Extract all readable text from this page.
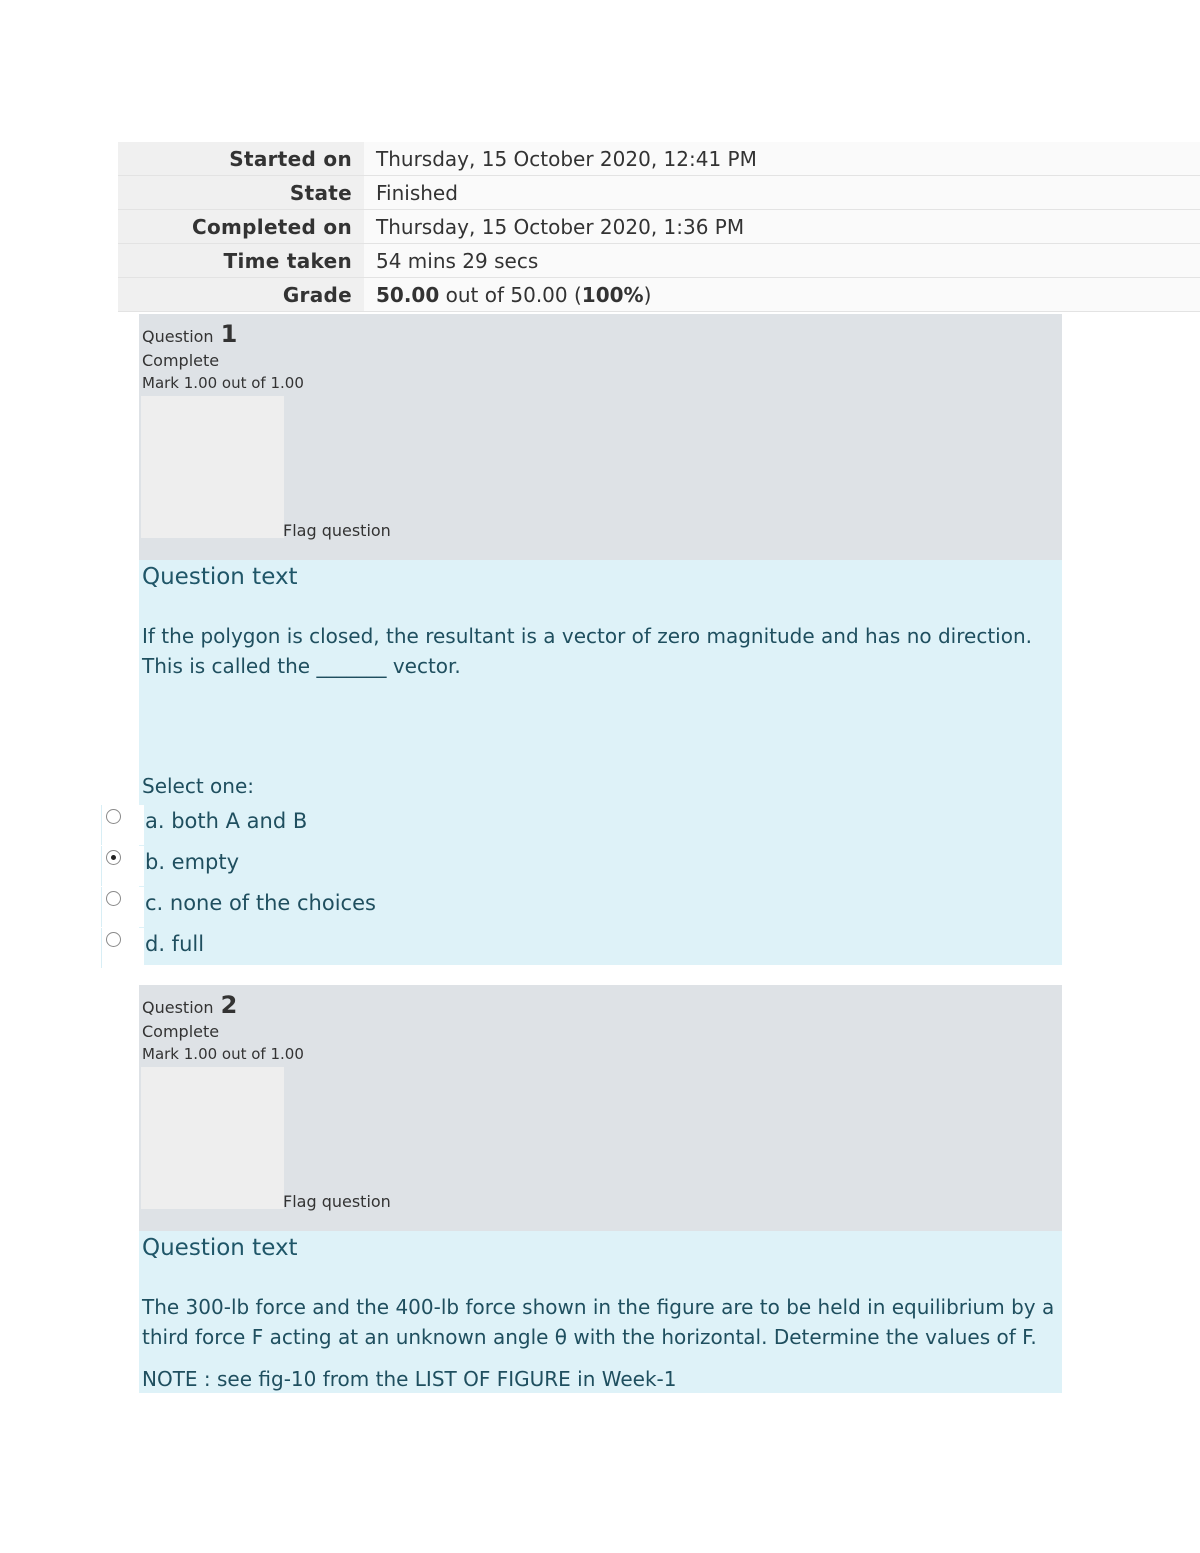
Started on	Thursday, 15 October 2020, 12:41 PM
State	Finished
Completed on	Thursday, 15 October 2020, 1:36 PM
Time taken	54 mins 29 secs
Grade	50.00 out of 50.00 (100%)
Question 1
Complete
Mark 1.00 out of 1.00
Flag question
Question text
If the polygon is closed, the resultant is a vector of zero magnitude and has no direction.
This is called the _______ vector.
Select one:
a. both A and B
b. empty
c. none of the choices
d. full
Question 2
Complete
Mark 1.00 out of 1.00
Flag question
Question text
The 300-lb force and the 400-lb force shown in the figure are to be held in equilibrium by a
third force F acting at an unknown angle θ with the horizontal. Determine the values of F.
NOTE : see fig-10 from the LIST OF FIGURE in Week-1
